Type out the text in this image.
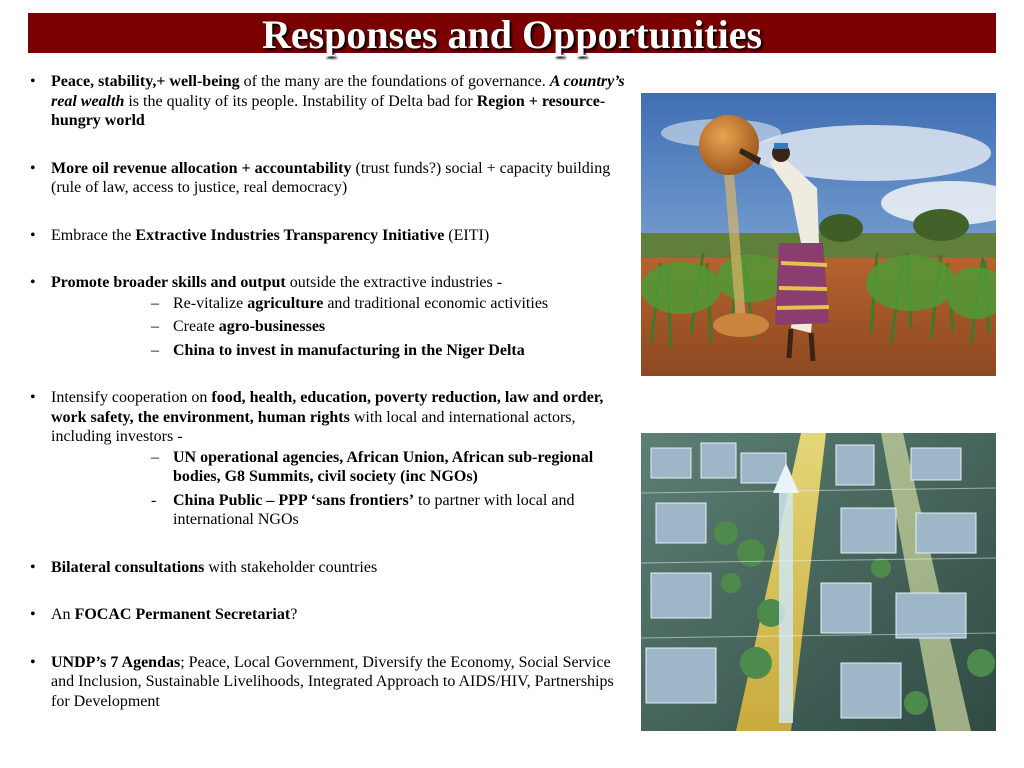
Responses and Opportunities
• Peace, stability,+ well-being of the many are the foundations of governance. A country’s real wealth is the quality of its people. Instability of Delta bad for Region + resource-hungry world
• More oil revenue allocation + accountability (trust funds?) social + capacity building (rule of law, access to justice, real democracy)
• Embrace the Extractive Industries Transparency Initiative (EITI)
• Promote broader skills and output outside the extractive industries -
– Re-vitalize agriculture and traditional economic activities
– Create agro-businesses
– China to invest in manufacturing in the Niger Delta
• Intensify cooperation on food, health, education, poverty reduction, law and order, work safety, the environment, human rights with local and international actors, including investors -
– UN operational agencies, African Union, African sub-regional bodies, G8 Summits, civil society (inc NGOs)
- China Public – PPP ‘sans frontiers’ to partner with local and international NGOs
• Bilateral consultations with stakeholder countries
• An FOCAC Permanent Secretariat?
• UNDP’s 7 Agendas; Peace, Local Government, Diversify the Economy, Social Service and Inclusion, Sustainable Livelihoods, Integrated Approach to AIDS/HIV, Partnerships for Development
